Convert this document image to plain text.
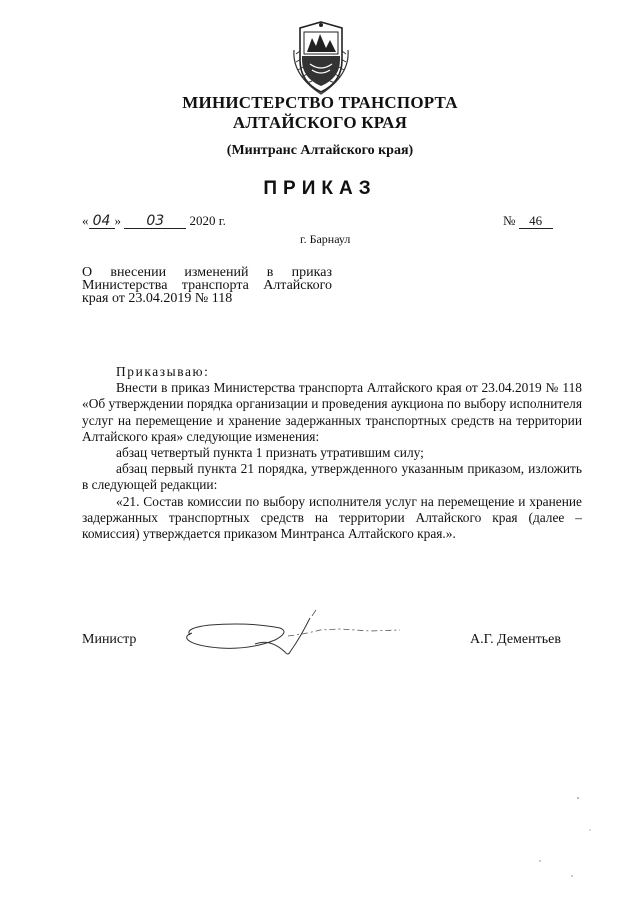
МИНИСТЕРСТВО ТРАНСПОРТА
АЛТАЙСКОГО КРАЯ
(Минтранс Алтайского края)
ПРИКАЗ
« 04 » 03 2020 г.	№ 46
г. Барнаул
О внесении изменений в приказ Министерства транспорта Алтайского края от 23.04.2019 № 118

Приказываю:

Внести в приказ Министерства транспорта Алтайского края от 23.04.2019 № 118 «Об утверждении порядка организации и проведения аукциона по выбору исполнителя услуг на перемещение и хранение задержанных транспортных средств на территории Алтайского края» следующие изменения:

абзац четвертый пункта 1 признать утратившим силу;

абзац первый пункта 21 порядка, утвержденного указанным приказом, изложить в следующей редакции:

«21. Состав комиссии по выбору исполнителя услуг на перемещение и хранение задержанных транспортных средств на территории Алтайского края (далее – комиссия) утверждается приказом Минтранса Алтайского края.».

Министр	А.Г. Дементьев
